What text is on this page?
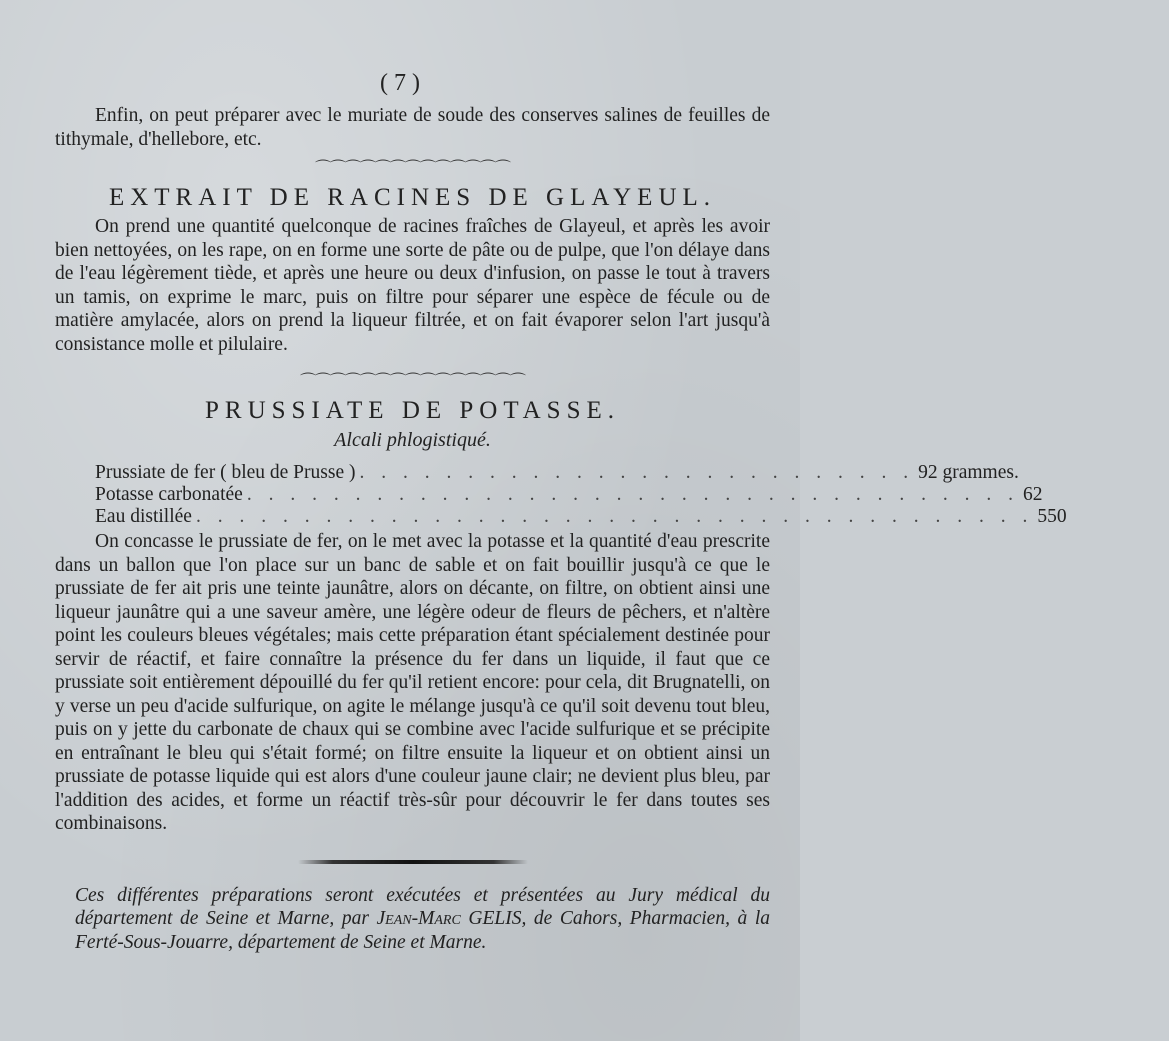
( 7 )

Enfin, on peut préparer avec le muriate de soude des conserves salines de feuilles de tithymale, d'hellebore, etc.

⌒⌒⌒⌒⌒⌒⌒⌒⌒⌒⌒⌒⌒
EXTRAIT DE RACINES DE GLAYEUL.

On prend une quantité quelconque de racines fraîches de Glayeul, et après les avoir bien nettoyées, on les rape, on en forme une sorte de pâte ou de pulpe, que l'on délaye dans de l'eau légèrement tiède, et après une heure ou deux d'infusion, on passe le tout à travers un tamis, on exprime le marc, puis on filtre pour séparer une espèce de fécule ou de matière amylacée, alors on prend la liqueur filtrée, et on fait évaporer selon l'art jusqu'à consistance molle et pilulaire.

⌒⌒⌒⌒⌒⌒⌒⌒⌒⌒⌒⌒⌒⌒⌒
PRUSSIATE DE POTASSE.
Alcali phlogistiqué.
Prussiate de fer ( bleu de Prusse ) . . . . . . . . . . . . . . . . . . . . . . . . . . 92 grammes.
Potasse carbonatée . . . . . . . . . . . . . . . . . . . . . . . . . . . . . . . . . . . . 62
Eau distillée . . . . . . . . . . . . . . . . . . . . . . . . . . . . . . . . . . . . . . . 550

On concasse le prussiate de fer, on le met avec la potasse et la quantité d'eau prescrite dans un ballon que l'on place sur un banc de sable et on fait bouillir jusqu'à ce que le prussiate de fer ait pris une teinte jaunâtre, alors on décante, on filtre, on obtient ainsi une liqueur jaunâtre qui a une saveur amère, une légère odeur de fleurs de pêchers, et n'altère point les couleurs bleues végétales; mais cette préparation étant spécialement destinée pour servir de réactif, et faire connaître la présence du fer dans un liquide, il faut que ce prussiate soit entièrement dépouillé du fer qu'il retient encore: pour cela, dit Brugnatelli, on y verse un peu d'acide sulfurique, on agite le mélange jusqu'à ce qu'il soit devenu tout bleu, puis on y jette du carbonate de chaux qui se combine avec l'acide sulfurique et se précipite en entraînant le bleu qui s'était formé; on filtre ensuite la liqueur et on obtient ainsi un prussiate de potasse liquide qui est alors d'une couleur jaune clair; ne devient plus bleu, par l'addition des acides, et forme un réactif très-sûr pour découvrir le fer dans toutes ses combinaisons.

Ces différentes préparations seront exécutées et présentées au Jury médical du département de Seine et Marne, par Jean-Marc GELIS, de Cahors, Pharmacien, à la Ferté-Sous-Jouarre, département de Seine et Marne.
